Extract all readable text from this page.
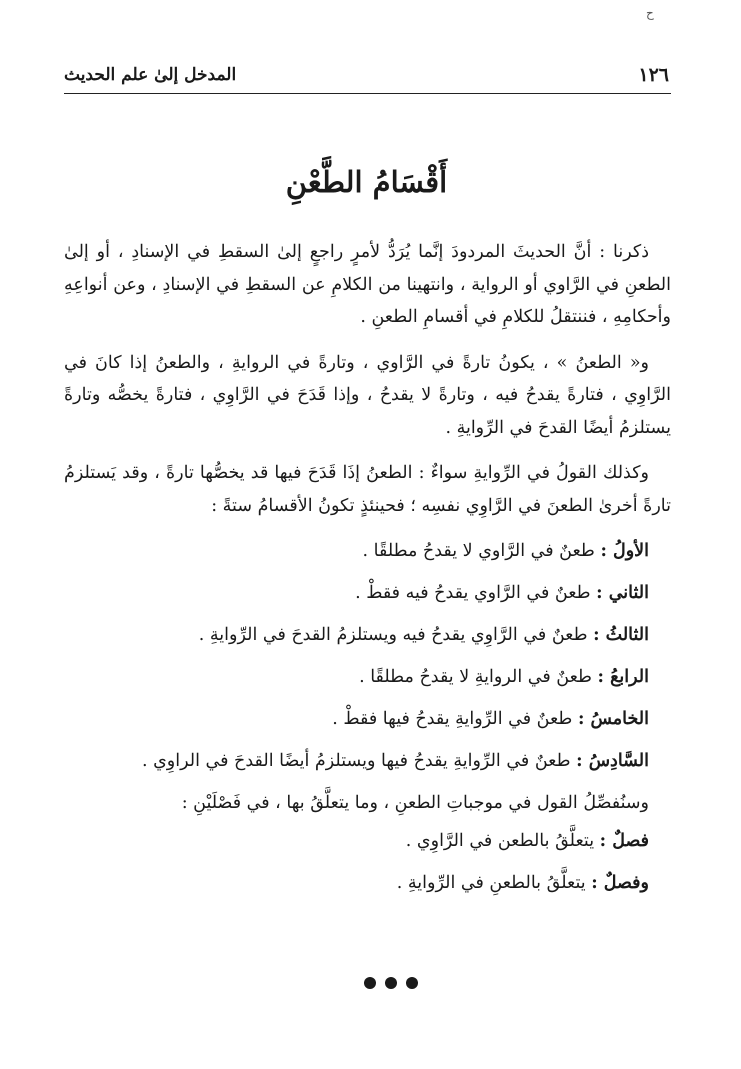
ح
١٢٦
المدخل إلىٰ علم الحديث
أَقْسَامُ الطَّعْنِ

ذكرنا : أنَّ الحديثَ المردودَ إنَّما يُرَدُّ لأمرٍ راجعٍ إلىٰ السقطِ في الإسنادِ ، أو إلىٰ الطعنِ في الرَّاوي أو الرواية ، وانتهينا من الكلامِ عن السقطِ في الإسنادِ ، وعن أنواعِهِ وأحكامِهِ ، فننتقلُ للكلامِ في أقسامِ الطعنِ .

و« الطعنُ » ، يكونُ تارةً في الرَّاوي ، وتارةً في الروايةِ ، والطعنُ إذا كانَ في الرَّاوِي ، فتارةً يقدحُ فيه ، وتارةً لا يقدحُ ، وإذا قَدَحَ في الرَّاوِي ، فتارةً يخصُّه وتارةً يستلزمُ أيضًا القدحَ في الرِّوايةِ .

وكذلك القولُ في الرِّوايةِ سواءٌ : الطعنُ إذَا قَدَحَ فيها قد يخصُّها تارةً ، وقد يَستلزمُ تارةً أخرىٰ الطعنَ في الرَّاوِي نفسِه ؛ فحينئذٍ تكونُ الأقسامُ ستةً :

الأولُ : طعنٌ في الرَّاوي لا يقدحُ مطلقًا .
الثاني : طعنٌ في الرَّاوي يقدحُ فيه فقطْ .
الثالثُ : طعنٌ في الرَّاوِي يقدحُ فيه ويستلزمُ القدحَ في الرِّوايةِ .
الرابعُ : طعنٌ في الروايةِ لا يقدحُ مطلقًا .
الخامسُ : طعنٌ في الرِّوايةِ يقدحُ فيها فقطْ .
السَّادِسُ : طعنٌ في الرِّوايةِ يقدحُ فيها ويستلزمُ أيضًا القدحَ في الراوِي .
وسنُفصِّلُ القول في موجباتِ الطعنِ ، وما يتعلَّقُ بها ، في فَصْلَيْنِ :
فصلٌ : يتعلَّقُ بالطعن في الرَّاوِي .
وفصلٌ : يتعلَّقُ بالطعنِ في الرِّوايةِ .
